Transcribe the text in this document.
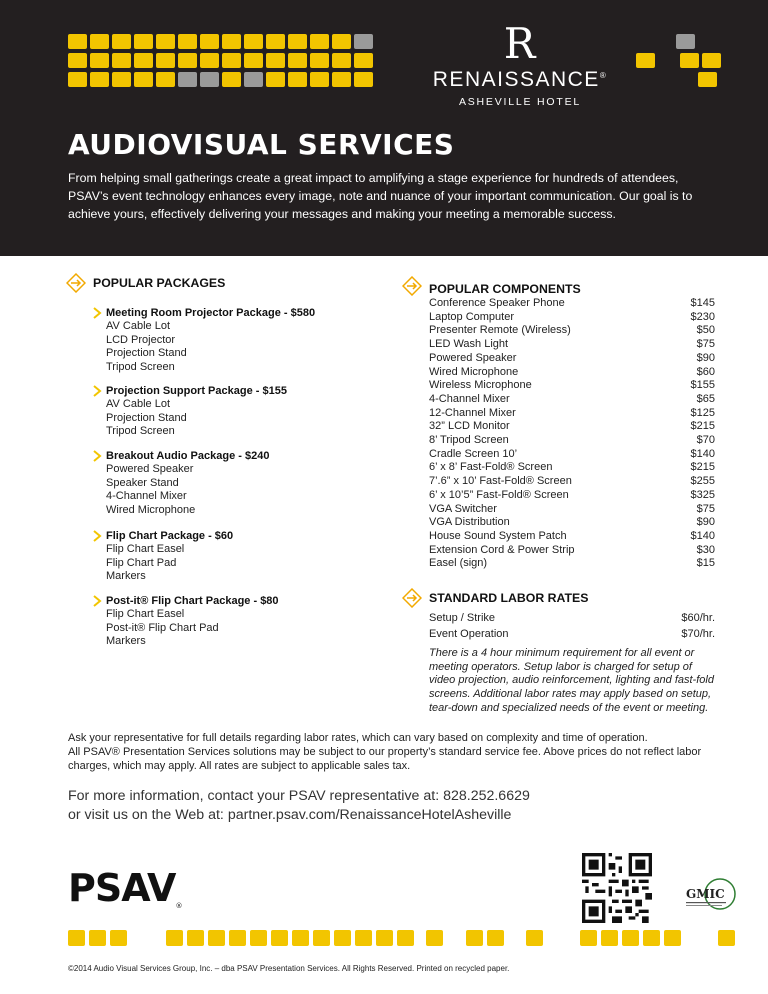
R
RENAISSANCE®
ASHEVILLE HOTEL
AUDIOVISUAL SERVICES
From helping small gatherings create a great impact to amplifying a stage experience for hundreds of attendees, PSAV’s event technology enhances every image, note and nuance of your important communication. Our goal is to achieve yours, effectively delivering your messages and making your meeting a memorable success.
POPULAR PACKAGES
Meeting Room Projector Package - $580
AV Cable Lot
LCD Projector
Projection Stand
Tripod Screen
Projection Support Package - $155
AV Cable Lot
Projection Stand
Tripod Screen
Breakout Audio Package - $240
Powered Speaker
Speaker Stand
4-Channel Mixer
Wired Microphone
Flip Chart Package - $60
Flip Chart Easel
Flip Chart Pad
Markers
Post-it® Flip Chart Package - $80
Flip Chart Easel
Post-it® Flip Chart Pad
Markers
POPULAR COMPONENTS
Conference Speaker Phone	$145
Laptop Computer	$230
Presenter Remote (Wireless)	$50
LED Wash Light	$75
Powered Speaker	$90
Wired Microphone	$60
Wireless Microphone	$155
4-Channel Mixer	$65
12-Channel Mixer	$125
32” LCD Monitor	$215
8’ Tripod Screen	$70
Cradle Screen 10’	$140
6’ x 8’ Fast-Fold® Screen	$215
7’.6” x 10’ Fast-Fold® Screen	$255
6’ x 10’5” Fast-Fold® Screen	$325
VGA Switcher	$75
VGA Distribution	$90
House Sound System Patch	$140
Extension Cord & Power Strip	$30
Easel (sign)	$15
STANDARD LABOR RATES
Setup / Strike	$60/hr.
Event Operation	$70/hr.
There is a 4 hour minimum requirement for all event or meeting operators. Setup labor is charged for setup of video projection, audio reinforcement, lighting and fast-fold screens. Additional labor rates may apply based on setup, tear-down and specialized needs of the event or meeting.
Ask your representative for full details regarding labor rates, which can vary based on complexity and time of operation.
All PSAV® Presentation Services solutions may be subject to our property’s standard service fee. Above prices do not reflect labor charges, which may apply. All rates are subject to applicable sales tax.
For more information, contact your PSAV representative at: 828.252.6629
or visit us on the Web at: partner.psav.com/RenaissanceHotelAsheville
PSAV®
GMIC
©2014 Audio Visual Services Group, Inc. – dba PSAV Presentation Services. All Rights Reserved. Printed on recycled paper.
